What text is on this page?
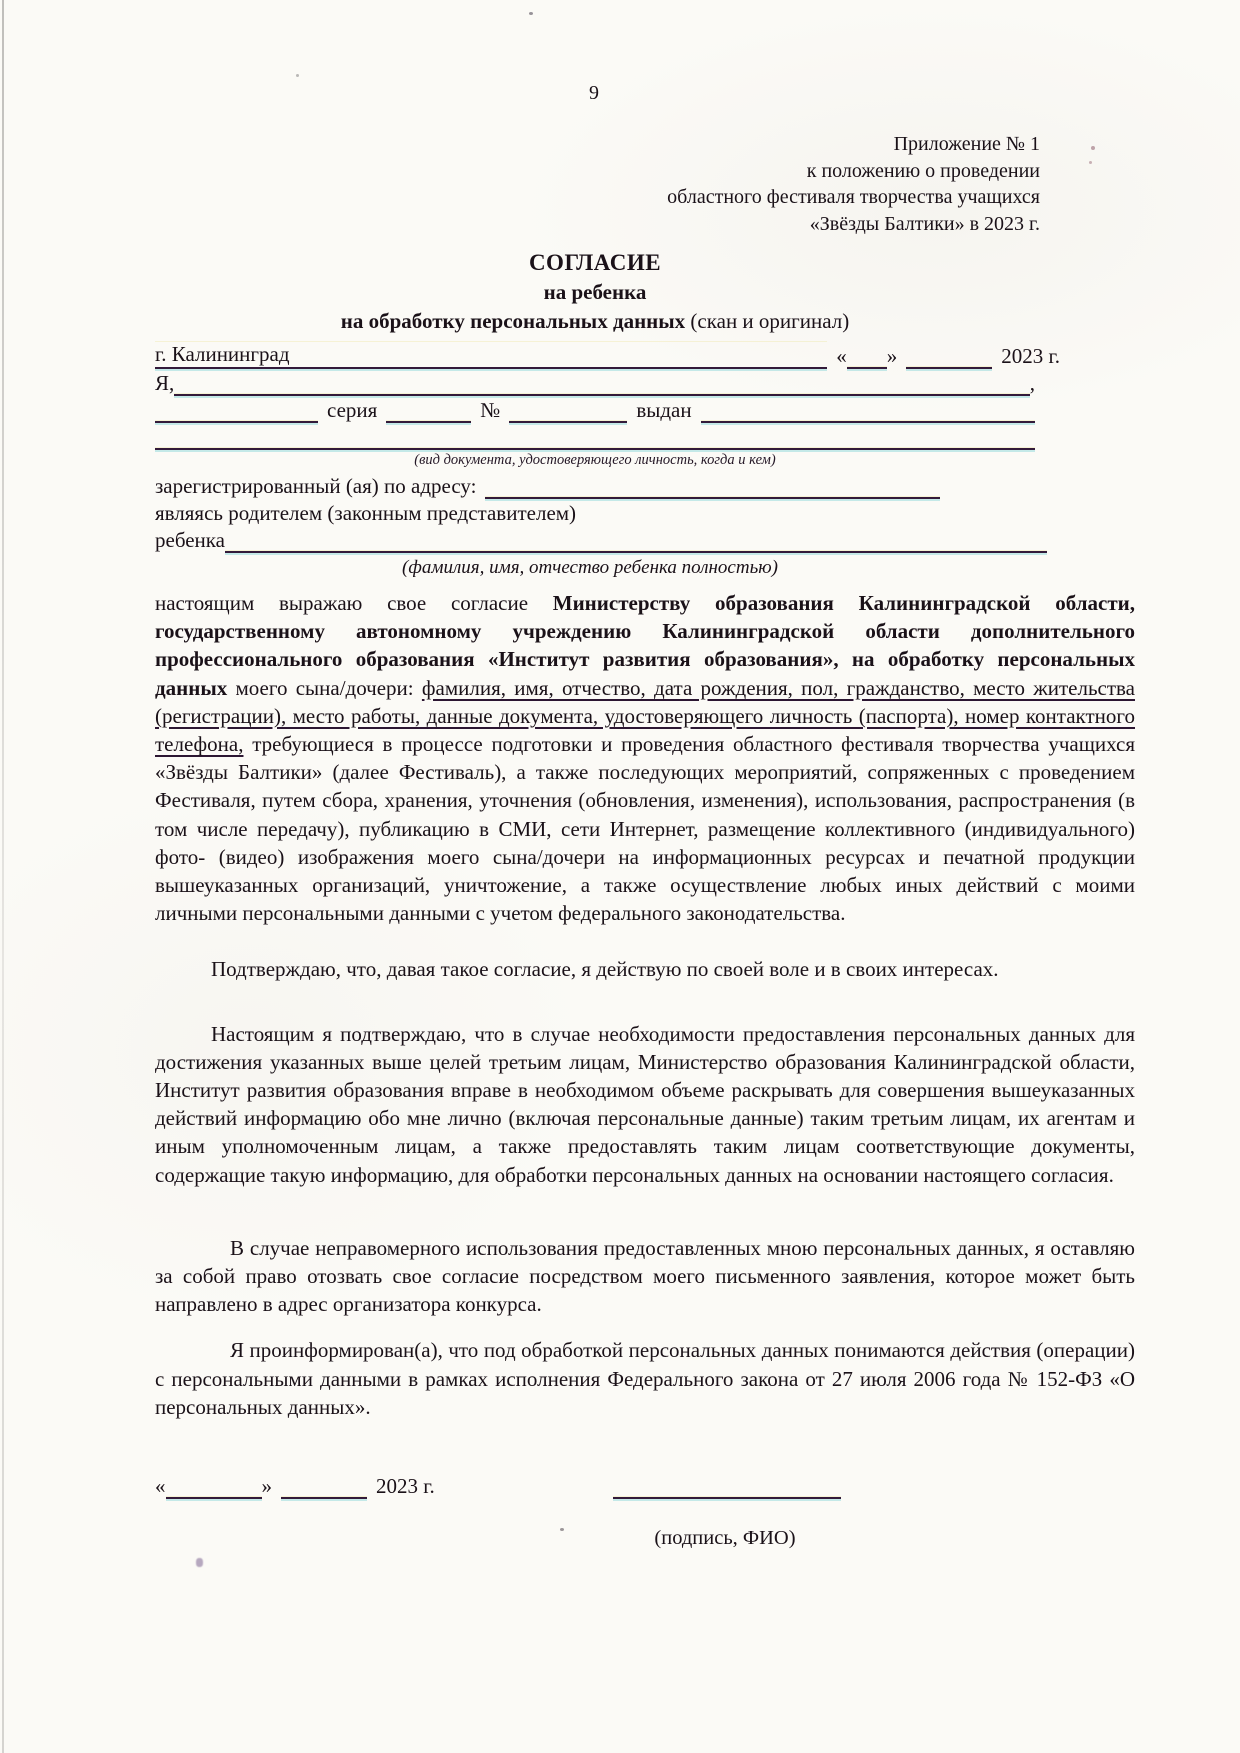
9
Приложение № 1
к положению о проведении
областного фестиваля творчества учащихся
«Звёзды Балтики» в 2023 г.
СОГЛАСИЕ
на ребенка
на обработку персональных данных (скан и оригинал)
г. Калининград	« »	2023 г.
Я,	,
серия	№	выдан
(вид документа, удостоверяющего личность, когда и кем)
зарегистрированный (ая) по адресу:
являясь родителем (законным представителем)
ребенка
(фамилия, имя, отчество ребенка полностью)

настоящим выражаю свое согласие Министерству образования Калининградской области, государственному автономному учреждению Калининградской области дополнительного профессионального образования «Институт развития образования», на обработку персональных данных моего сына/дочери: фамилия, имя, отчество, дата рождения, пол, гражданство, место жительства (регистрации), место работы, данные документа, удостоверяющего личность (паспорта), номер контактного телефона, требующиеся в процессе подготовки и проведения областного фестиваля творчества учащихся «Звёзды Балтики» (далее Фестиваль), а также последующих мероприятий, сопряженных с проведением Фестиваля, путем сбора, хранения, уточнения (обновления, изменения), использования, распространения (в том числе передачу), публикацию в СМИ, сети Интернет, размещение коллективного (индивидуального) фото- (видео) изображения моего сына/дочери на информационных ресурсах и печатной продукции вышеуказанных организаций, уничтожение, а также осуществление любых иных действий с моими личными персональными данными с учетом федерального законодательства.

Подтверждаю, что, давая такое согласие, я действую по своей воле и в своих интересах.

Настоящим я подтверждаю, что в случае необходимости предоставления персональных данных для достижения указанных выше целей третьим лицам, Министерство образования Калининградской области, Институт развития образования вправе в необходимом объеме раскрывать для совершения вышеуказанных действий информацию обо мне лично (включая персональные данные) таким третьим лицам, их агентам и иным уполномоченным лицам, а также предоставлять таким лицам соответствующие документы, содержащие такую информацию, для обработки персональных данных на основании настоящего согласия.

В случае неправомерного использования предоставленных мною персональных данных, я оставляю за собой право отозвать свое согласие посредством моего письменного заявления, которое может быть направлено в адрес организатора конкурса.

Я проинформирован(а), что под обработкой персональных данных понимаются действия (операции) с персональными данными в рамках исполнения Федерального закона от 27 июля 2006 года № 152-ФЗ «О персональных данных».

«	»	2023 г.
(подпись, ФИО)
